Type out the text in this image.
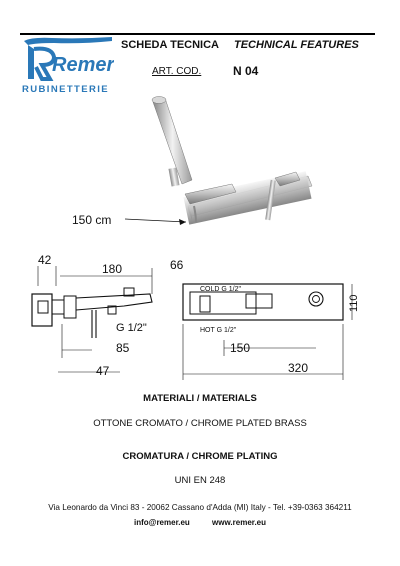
Remer
RUBINETTERIE
SCHEDA TECNICA TECHNICAL FEATURES
ART. COD.	N 04
150 cm
42
180
G 1/2"
85
47
66
COLD G 1/2"
HOT G 1/2"
110
150
320
MATERIALI / MATERIALS
OTTONE CROMATO / CHROME PLATED BRASS
CROMATURA / CHROME PLATING
UNI EN 248
Via Leonardo da Vinci 83 - 20062 Cassano d'Adda (MI) Italy - Tel. +39-0363 364211
info@remer.eu	www.remer.eu
